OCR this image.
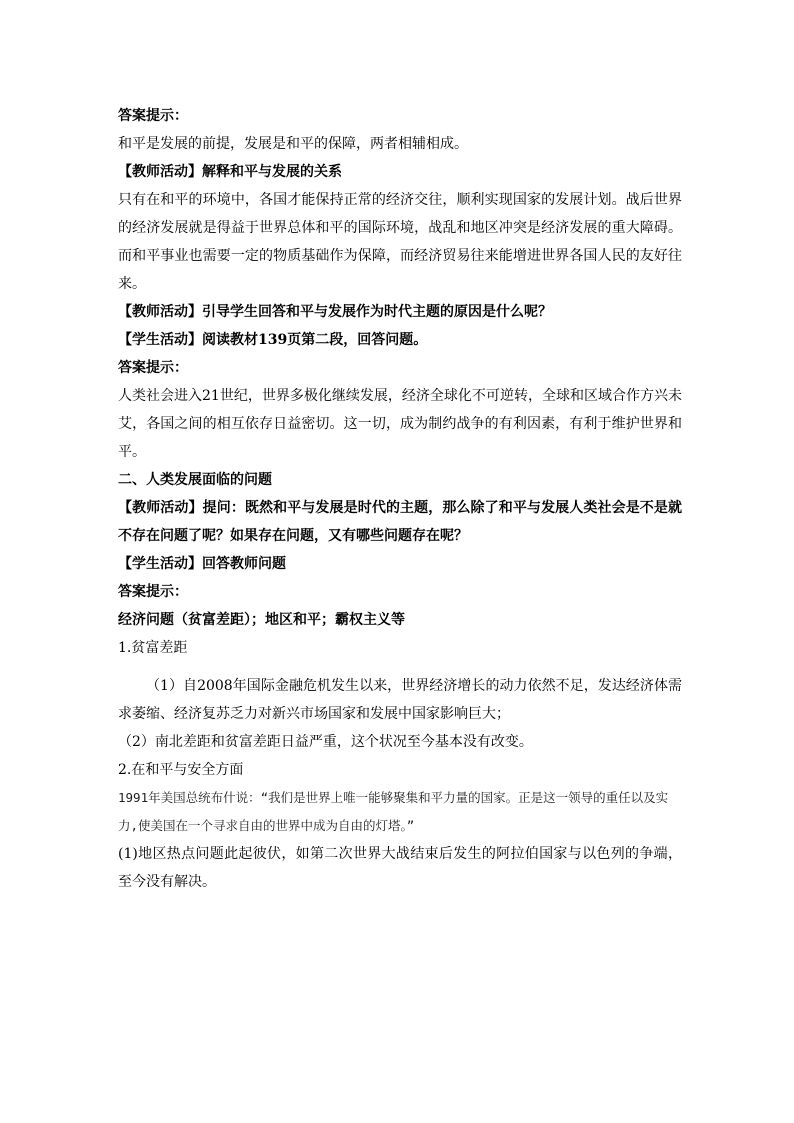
答案提示：
和平是发展的前提，发展是和平的保障，两者相辅相成。
【教师活动】解释和平与发展的关系
只有在和平的环境中，各国才能保持正常的经济交往，顺利实现国家的发展计划。战后世界的经济发展就是得益于世界总体和平的国际环境，战乱和地区冲突是经济发展的重大障碍。而和平事业也需要一定的物质基础作为保障，而经济贸易往来能增进世界各国人民的友好往来。
【教师活动】引导学生回答和平与发展作为时代主题的原因是什么呢？
【学生活动】阅读教材139页第二段，回答问题。
答案提示：
人类社会进入21世纪，世界多极化继续发展，经济全球化不可逆转，全球和区域合作方兴未艾，各国之间的相互依存日益密切。这一切，成为制约战争的有利因素，有利于维护世界和平。
二、人类发展面临的问题
【教师活动】提问：既然和平与发展是时代的主题，那么除了和平与发展人类社会是不是就不存在问题了呢？如果存在问题，又有哪些问题存在呢？
【学生活动】回答教师问题
答案提示：
经济问题（贫富差距）；地区和平；霸权主义等
1.贫富差距
（1）自2008年国际金融危机发生以来，世界经济增长的动力依然不足，发达经济体需求萎缩、经济复苏乏力对新兴市场国家和发展中国家影响巨大；
（2）南北差距和贫富差距日益严重，这个状况至今基本没有改变。
2.在和平与安全方面
1991年美国总统布什说：“我们是世界上唯一能够聚集和平力量的国家。正是这一领导的重任以及实力,使美国在一个寻求自由的世界中成为自由的灯塔。”
(1)地区热点问题此起彼伏，如第二次世界大战结束后发生的阿拉伯国家与以色列的争端，至今没有解决。
